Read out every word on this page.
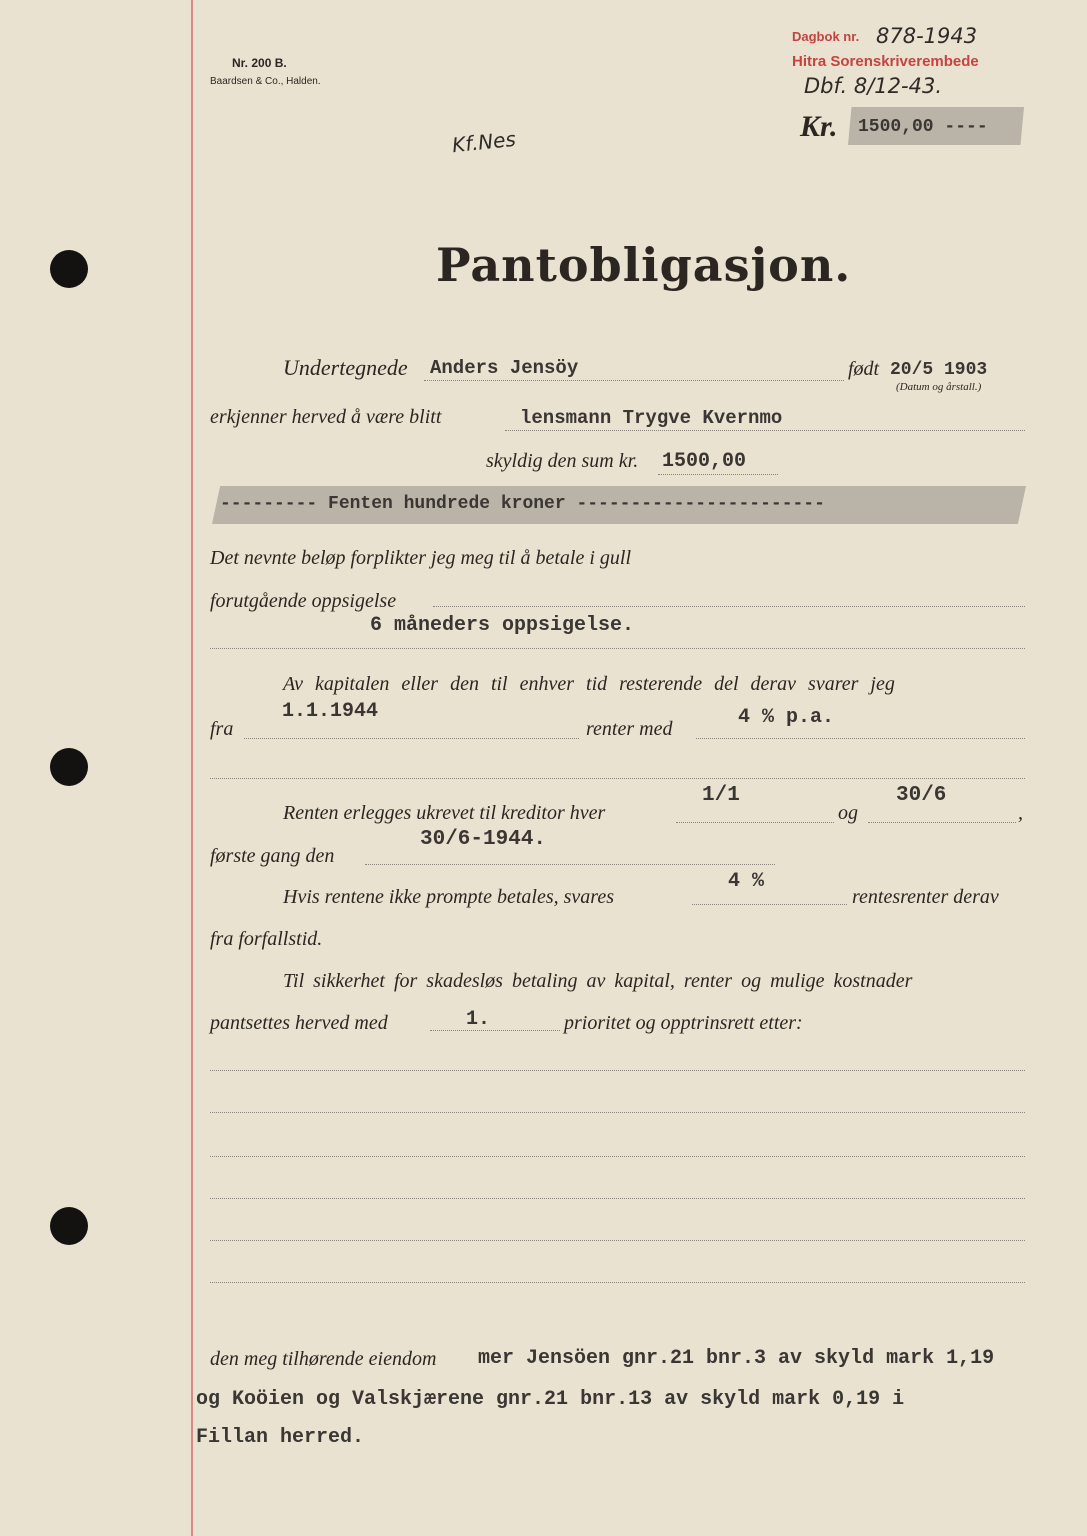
Nr. 200 B.
Baardsen & Co., Halden.
Dagbok nr. 878-1943
Hitra Sorenskriverembede
Dbf. 8/12-43.
Kf.Nes	Kr. 1500,00 ----
Pantobligasjon.
Undertegnede Anders Jensöy	født 20/5 1903
(Datum og årstall.)
erkjenner herved å være blitt	lensmann Trygve Kvernmo
skyldig den sum kr. 1500,00
--------- Fenten hundrede kroner -----------------------
Det nevnte beløp forplikter jeg meg til å betale i gull
forutgående oppsigelse
6 måneders oppsigelse.
Av kapitalen eller den til enhver tid resterende del derav svarer jeg
fra
1.1.1944
renter med	4 % p.a.
Renten erlegges ukrevet til kreditor hver
1/1
og
30/6
,
første gang den
30/6-1944.
Hvis rentene ikke prompte betales, svares
4 %
rentesrenter derav
fra forfallstid.
Til sikkerhet for skadesløs betaling av kapital, renter og mulige kostnader
pantsettes herved med	1.	prioritet og opptrinsrett etter:
den meg tilhørende eiendom mer Jensöen gnr.21 bnr.3 av skyld mark 1,19
og Koöien og Valskjærene gnr.21 bnr.13 av skyld mark 0,19 i
Fillan herred.
